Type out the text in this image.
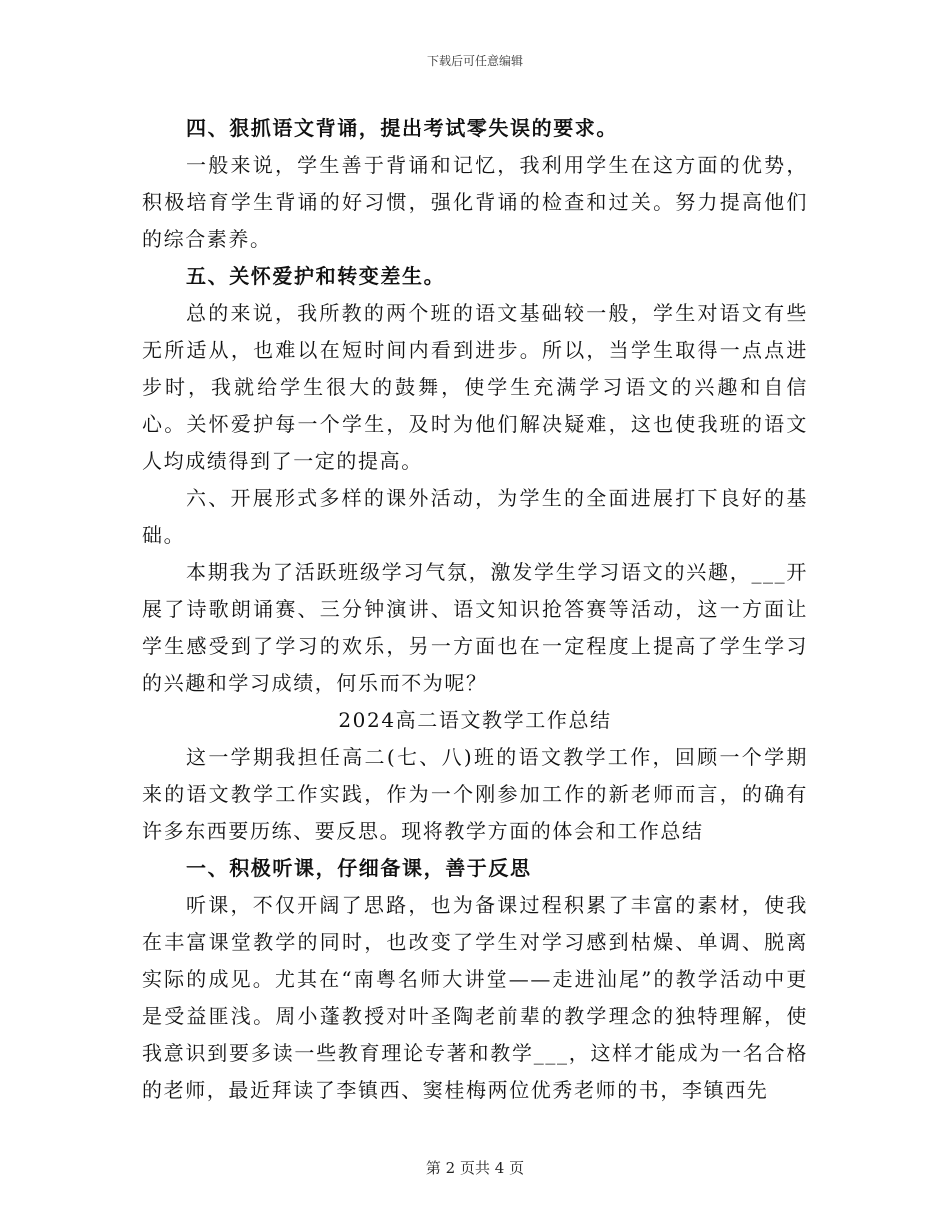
下载后可任意编辑

四、狠抓语文背诵，提出考试零失误的要求。

一般来说，学生善于背诵和记忆，我利用学生在这方面的优势，积极培育学生背诵的好习惯，强化背诵的检查和过关。努力提高他们的综合素养。

五、关怀爱护和转变差生。

总的来说，我所教的两个班的语文基础较一般，学生对语文有些无所适从，也难以在短时间内看到进步。所以，当学生取得一点点进步时，我就给学生很大的鼓舞，使学生充满学习语文的兴趣和自信心。关怀爱护每一个学生，及时为他们解决疑难，这也使我班的语文人均成绩得到了一定的提高。

六、开展形式多样的课外活动，为学生的全面进展打下良好的基础。

本期我为了活跃班级学习气氛，激发学生学习语文的兴趣，___开展了诗歌朗诵赛、三分钟演讲、语文知识抢答赛等活动，这一方面让学生感受到了学习的欢乐，另一方面也在一定程度上提高了学生学习的兴趣和学习成绩，何乐而不为呢？

2024高二语文教学工作总结

这一学期我担任高二(七、八)班的语文教学工作，回顾一个学期来的语文教学工作实践，作为一个刚参加工作的新老师而言，的确有许多东西要历练、要反思。现将教学方面的体会和工作总结

一、积极听课，仔细备课，善于反思

听课，不仅开阔了思路，也为备课过程积累了丰富的素材，使我在丰富课堂教学的同时，也改变了学生对学习感到枯燥、单调、脱离实际的成见。尤其在“南粤名师大讲堂——走进汕尾”的教学活动中更是受益匪浅。周小蓬教授对叶圣陶老前辈的教学理念的独特理解，使我意识到要多读一些教育理论专著和教学___，这样才能成为一名合格的老师，最近拜读了李镇西、窦桂梅两位优秀老师的书，李镇西先

第 2 页共 4 页
